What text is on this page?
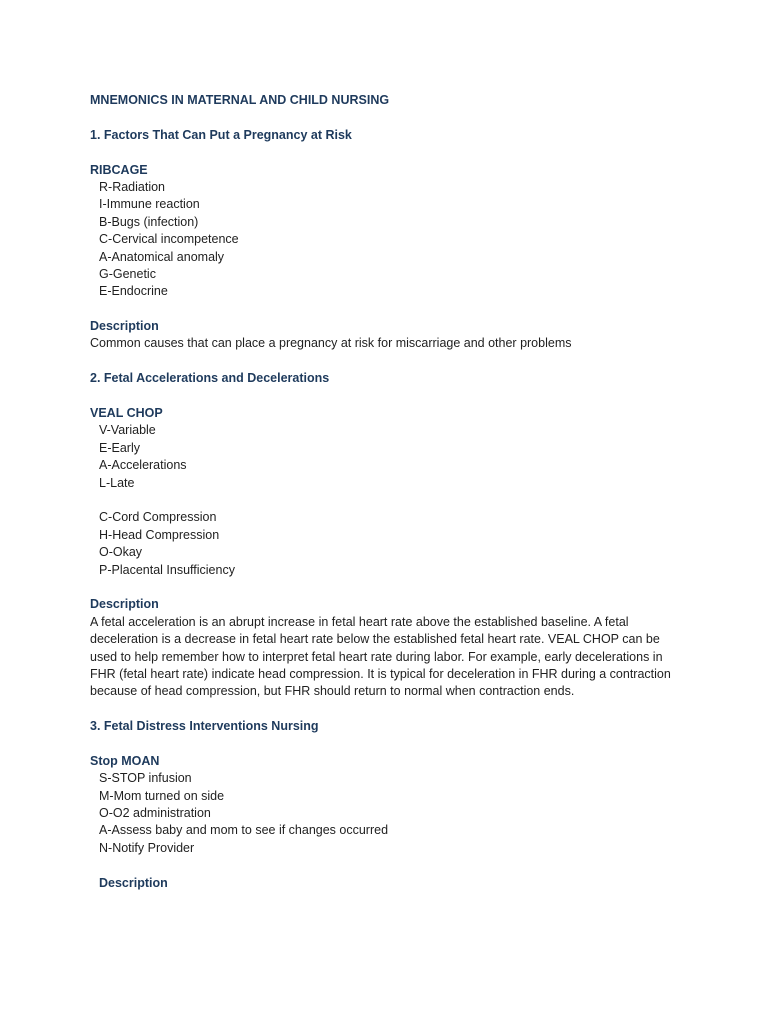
MNEMONICS IN MATERNAL AND CHILD NURSING
1. Factors That Can Put a Pregnancy at Risk
RIBCAGE
R-Radiation
I-Immune reaction
B-Bugs (infection)
C-Cervical incompetence
A-Anatomical anomaly
G-Genetic
E-Endocrine
Description
Common causes that can place a pregnancy at risk for miscarriage and other problems
2. Fetal Accelerations and Decelerations
VEAL CHOP
V-Variable
E-Early
A-Accelerations
L-Late
C-Cord Compression
H-Head Compression
O-Okay
P-Placental Insufficiency
Description
A fetal acceleration is an abrupt increase in fetal heart rate above the established baseline. A fetal
deceleration is a decrease in fetal heart rate below the established fetal heart rate. VEAL CHOP can be
used to help remember how to interpret fetal heart rate during labor. For example, early decelerations in
FHR (fetal heart rate) indicate head compression. It is typical for deceleration in FHR during a contraction
because of head compression, but FHR should return to normal when contraction ends.
3. Fetal Distress Interventions Nursing
Stop MOAN
S-STOP infusion
M-Mom turned on side
O-O2 administration
A-Assess baby and mom to see if changes occurred
N-Notify Provider
Description
